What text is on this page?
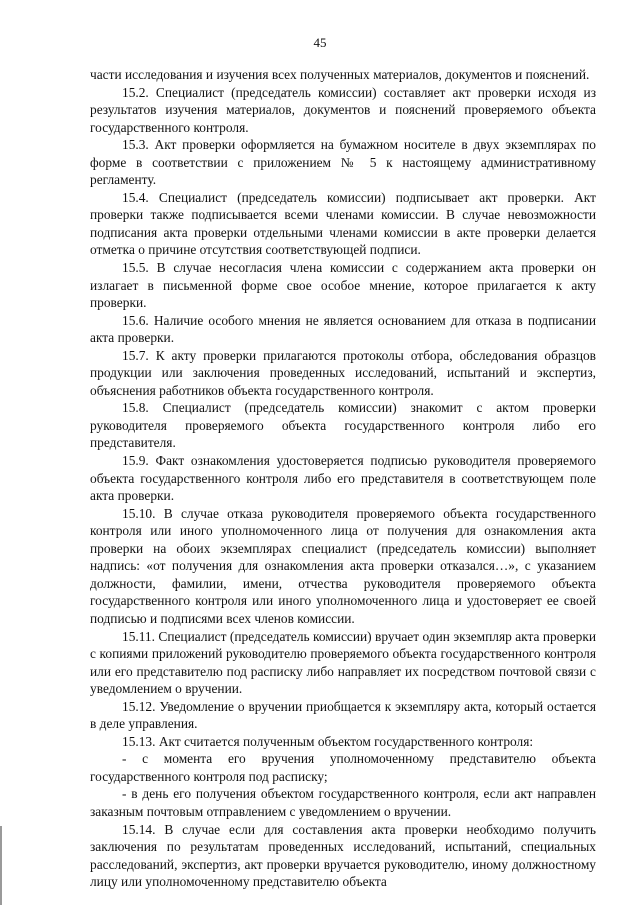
45

части исследования и изучения всех полученных материалов, документов и пояснений.

15.2. Специалист (председатель комиссии) составляет акт проверки исходя из результатов изучения материалов, документов и пояснений проверяемого объекта государственного контроля.

15.3. Акт проверки оформляется на бумажном носителе в двух экземплярах по форме в соответствии с приложением № 5 к настоящему административному регламенту.

15.4. Специалист (председатель комиссии) подписывает акт проверки. Акт проверки также подписывается всеми членами комиссии. В случае невозможности подписания акта проверки отдельными членами комиссии в акте проверки делается отметка о причине отсутствия соответствующей подписи.

15.5. В случае несогласия члена комиссии с содержанием акта проверки он излагает в письменной форме свое особое мнение, которое прилагается к акту проверки.

15.6. Наличие особого мнения не является основанием для отказа в подписании акта проверки.

15.7. К акту проверки прилагаются протоколы отбора, обследования образцов продукции или заключения проведенных исследований, испытаний и экспертиз, объяснения работников объекта государственного контроля.

15.8. Специалист (председатель комиссии) знакомит с актом проверки руководителя проверяемого объекта государственного контроля либо его представителя.

15.9. Факт ознакомления удостоверяется подписью руководителя проверяемого объекта государственного контроля либо его представителя в соответствующем поле акта проверки.

15.10. В случае отказа руководителя проверяемого объекта государственного контроля или иного уполномоченного лица от получения для ознакомления акта проверки на обоих экземплярах специалист (председатель комиссии) выполняет надпись: «от получения для ознакомления акта проверки отказался…», с указанием должности, фамилии, имени, отчества руководителя проверяемого объекта государственного контроля или иного уполномоченного лица и удостоверяет ее своей подписью и подписями всех членов комиссии.

15.11. Специалист (председатель комиссии) вручает один экземпляр акта проверки с копиями приложений руководителю проверяемого объекта государственного контроля или его представителю под расписку либо направляет их посредством почтовой связи с уведомлением о вручении.

15.12. Уведомление о вручении приобщается к экземпляру акта, который остается в деле управления.

15.13. Акт считается полученным объектом государственного контроля:

- с момента его вручения уполномоченному представителю объекта государственного контроля под расписку;

- в день его получения объектом государственного контроля, если акт направлен заказным почтовым отправлением с уведомлением о вручении.

15.14. В случае если для составления акта проверки необходимо получить заключения по результатам проведенных исследований, испытаний, специальных расследований, экспертиз, акт проверки вручается руководителю, иному должностному лицу или уполномоченному представителю объекта
